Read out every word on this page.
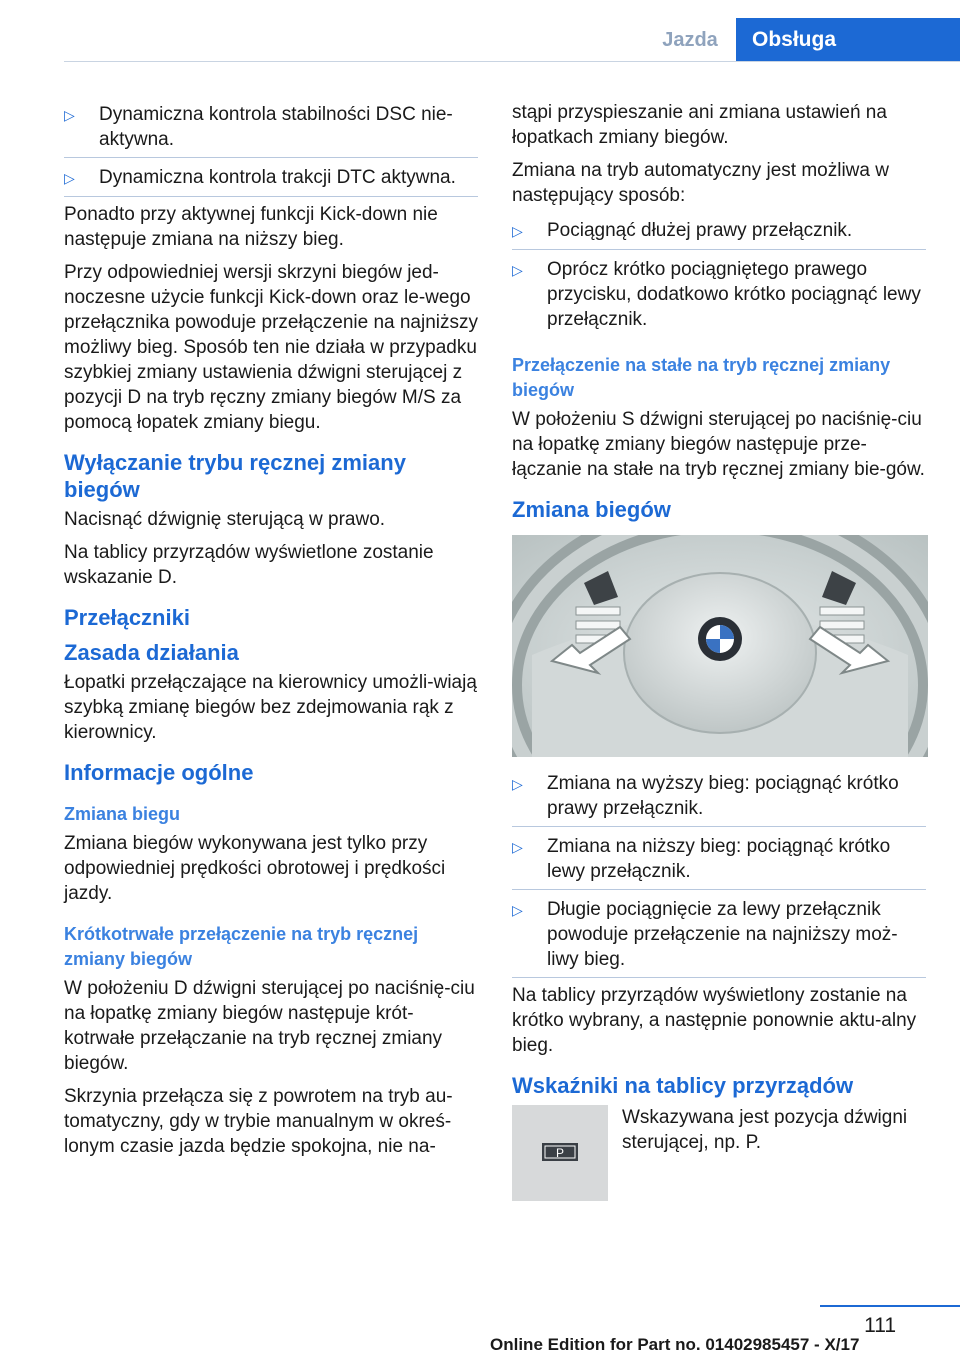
Jazda	Obsługa
▷	Dynamiczna kontrola stabilności DSC nie‐aktywna.
▷	Dynamiczna kontrola trakcji DTC aktywna.

Ponadto przy aktywnej funkcji Kick-down nie następuje zmiana na niższy bieg.

Przy odpowiedniej wersji skrzyni biegów jed‐noczesne użycie funkcji Kick-down oraz le‐wego przełącznika powoduje przełączenie na najniższy możliwy bieg. Sposób ten nie działa w przypadku szybkiej zmiany ustawienia dźwigni sterującej z pozycji D na tryb ręczny zmiany biegów M/S za pomocą łopatek zmiany biegu.

Wyłączanie trybu ręcznej zmiany biegów

Nacisnąć dźwignię sterującą w prawo.

Na tablicy przyrządów wyświetlone zostanie wskazanie D.

Przełączniki
Zasada działania

Łopatki przełączające na kierownicy umożli‐wiają szybką zmianę biegów bez zdejmowania rąk z kierownicy.

Informacje ogólne
Zmiana biegu

Zmiana biegów wykonywana jest tylko przy odpowiedniej prędkości obrotowej i prędkości jazdy.

Krótkotrwałe przełączenie na tryb ręcznej zmiany biegów

W położeniu D dźwigni sterującej po naciśnię‐ciu na łopatkę zmiany biegów następuje krót‐kotrwałe przełączanie na tryb ręcznej zmiany biegów.

Skrzynia przełącza się z powrotem na tryb au‐tomatyczny, gdy w trybie manualnym w okreś‐lonym czasie jazda będzie spokojna, nie na‐

stąpi przyspieszanie ani zmiana ustawień na łopatkach zmiany biegów.

Zmiana na tryb automatyczny jest możliwa w następujący sposób:

▷	Pociągnąć dłużej prawy przełącznik.
▷	Oprócz krótko pociągniętego prawego przycisku, dodatkowo krótko pociągnąć lewy przełącznik.
Przełączenie na stałe na tryb ręcznej zmiany biegów

W położeniu S dźwigni sterującej po naciśnię‐ciu na łopatkę zmiany biegów następuje prze‐łączanie na stałe na tryb ręcznej zmiany bie‐gów.

Zmiana biegów
▷	Zmiana na wyższy bieg: pociągnąć krótko prawy przełącznik.
▷	Zmiana na niższy bieg: pociągnąć krótko lewy przełącznik.
▷	Długie pociągnięcie za lewy przełącznik powoduje przełączenie na najniższy moż‐liwy bieg.

Na tablicy przyrządów wyświetlony zostanie na krótko wybrany, a następnie ponownie aktu‐alny bieg.

Wskaźniki na tablicy przyrządów
P

Wskazywana jest pozycja dźwigni sterującej, np. P.

111
Online Edition for Part no. 01402985457 - X/17
